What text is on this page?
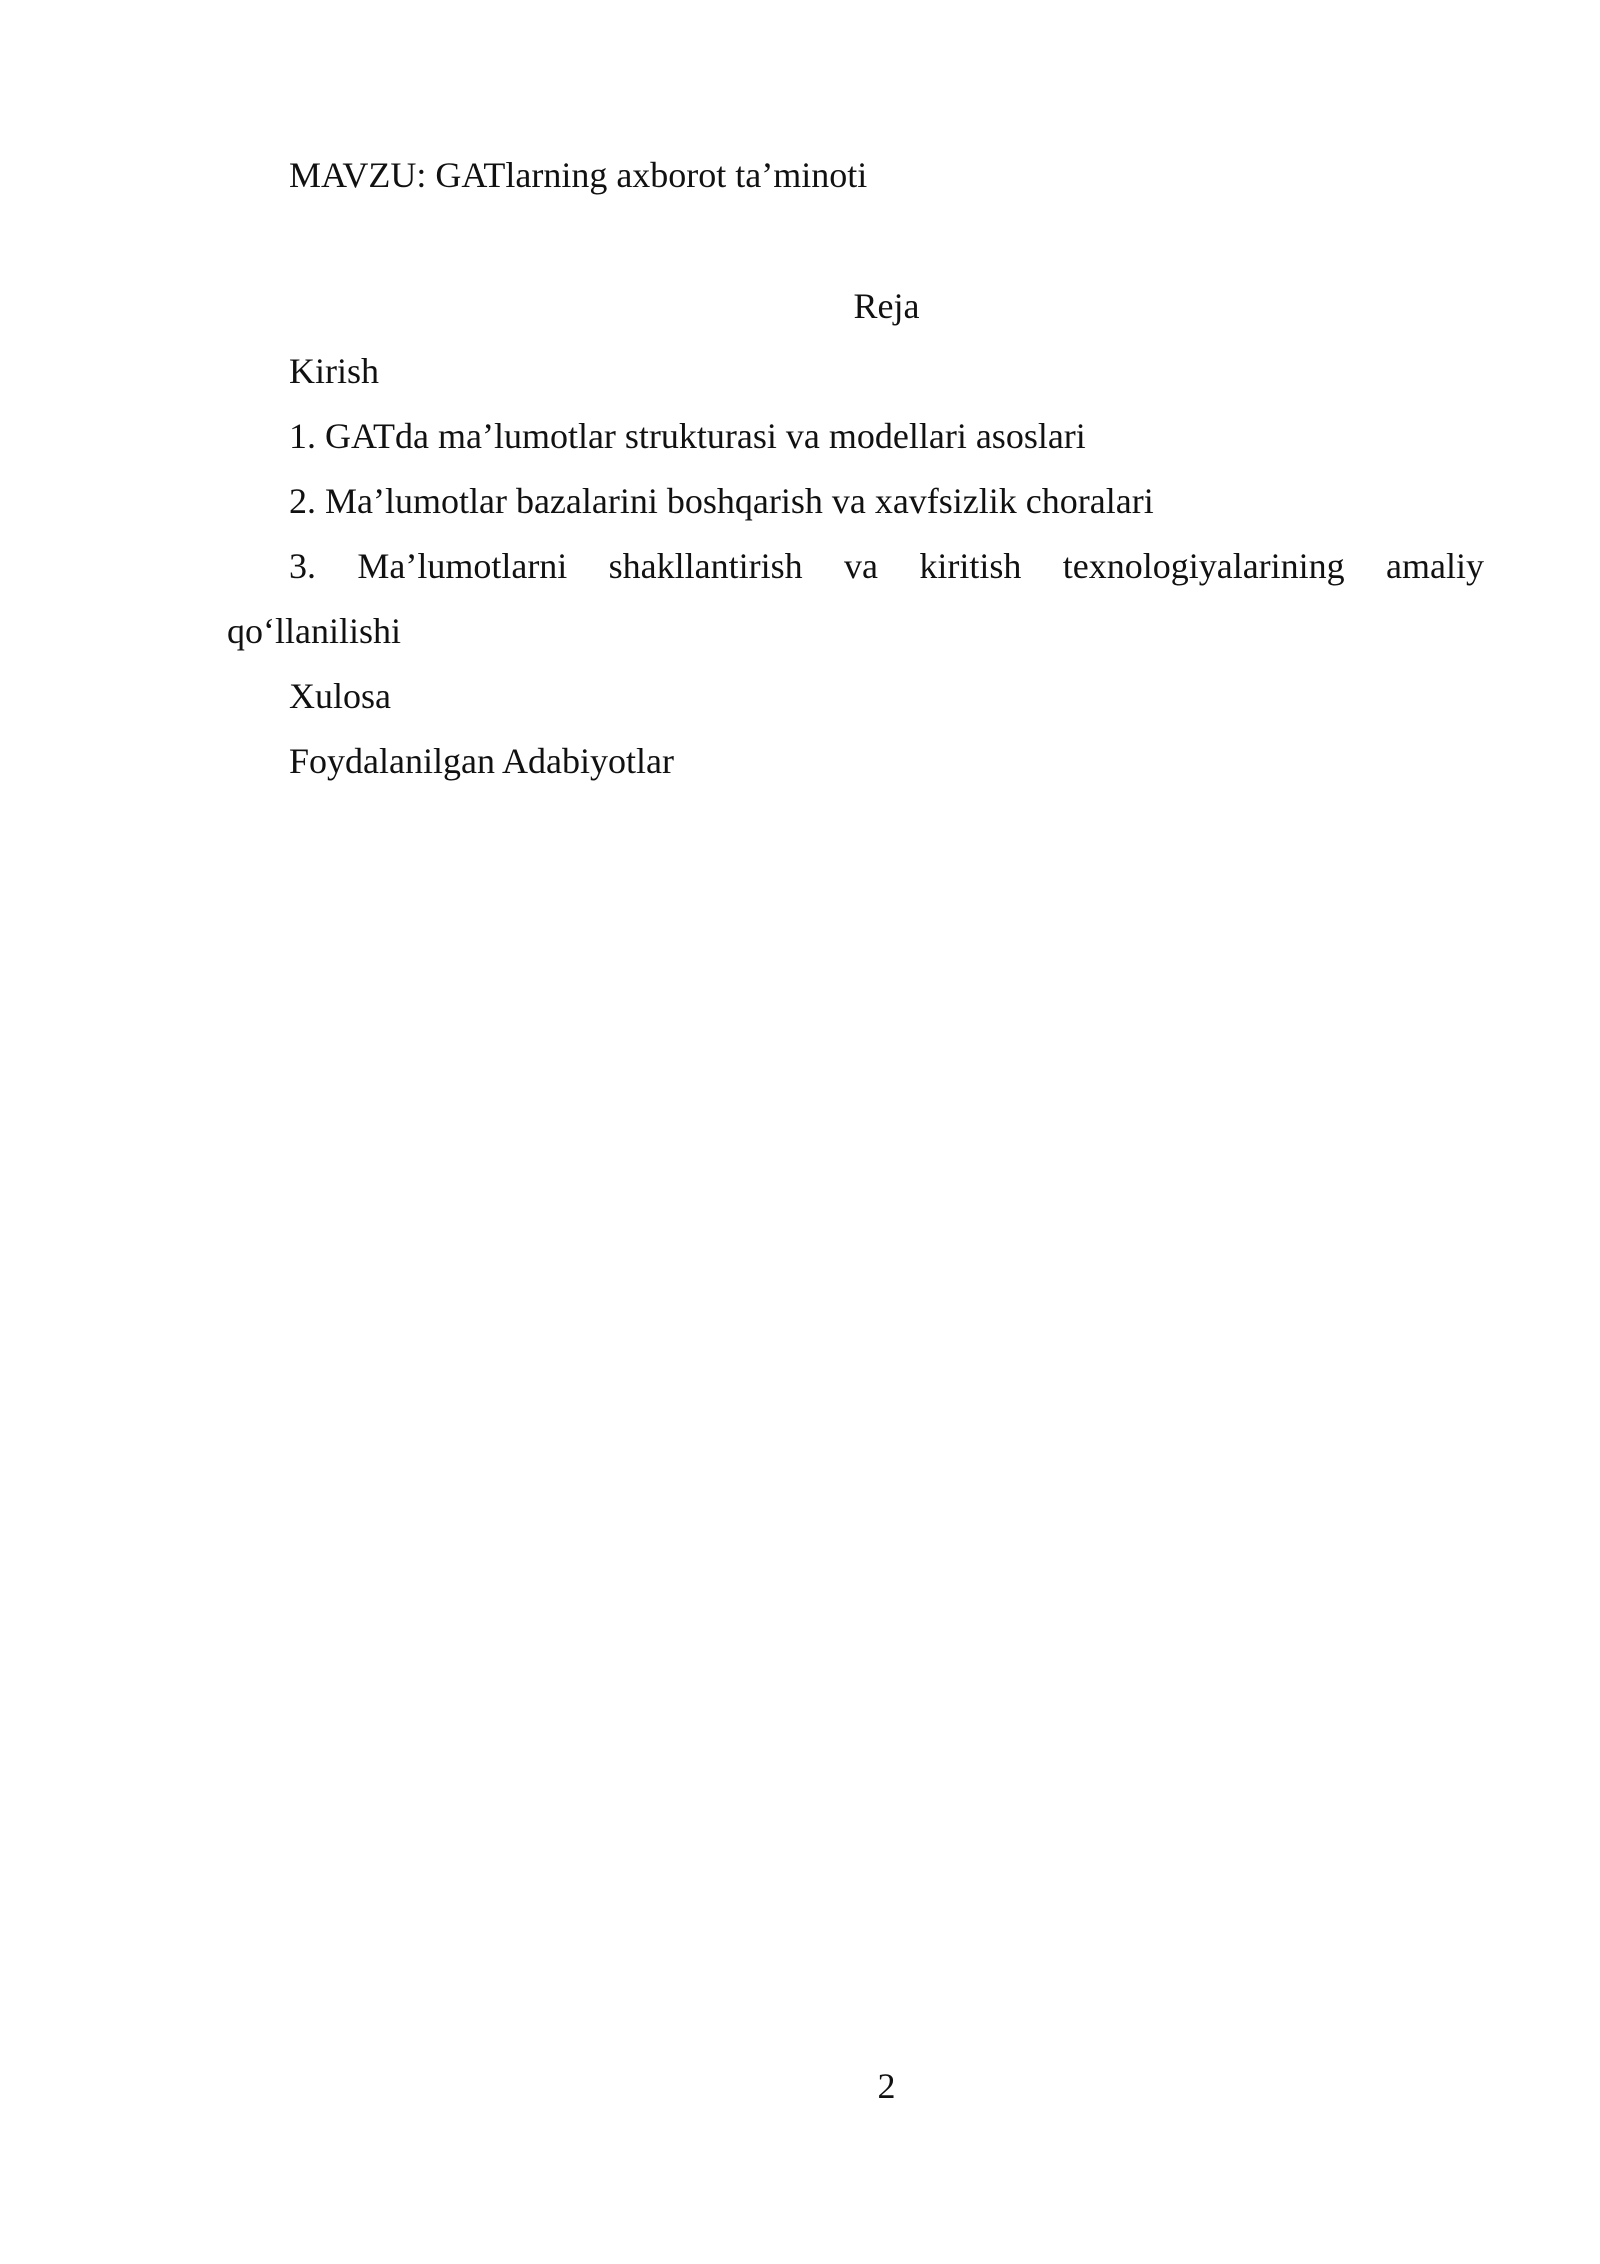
MAVZU: GATlarning axborot ta’minoti
Reja
Kirish
1. GATda ma’lumotlar strukturasi va modellari asoslari
2. Ma’lumotlar bazalarini boshqarish va xavfsizlik choralari
3. Ma’lumotlarni shakllantirish va kiritish texnologiyalarining amaliy
qo‘llanilishi
Xulosa
Foydalanilgan Adabiyotlar
2
